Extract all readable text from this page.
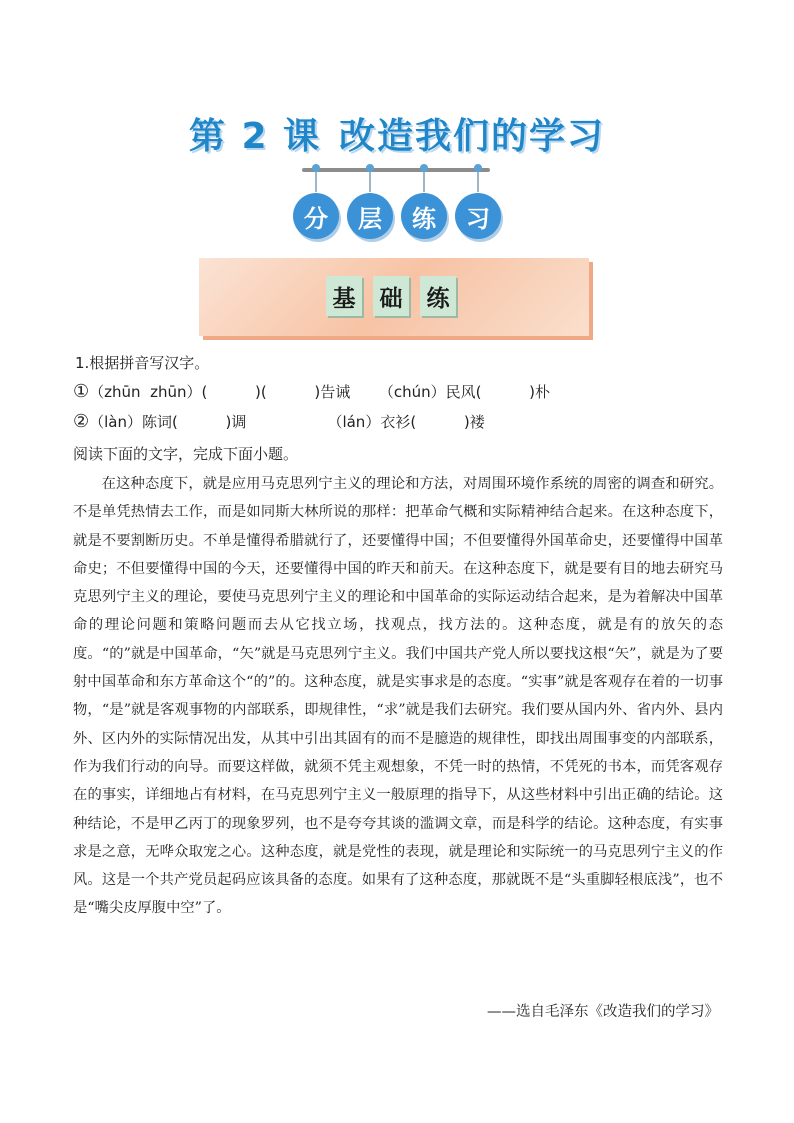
第 2 课 改造我们的学习
分	层	练	习
基 础 练
1.根据拼音写汉字。
①（zhūn  zhūn）(          )(          )告诫      （chún）民风(          )朴
②（làn）陈词(          )调                 （lán）衣衫(          )褛
阅读下面的文字，完成下面小题。

在这种态度下，就是应用马克思列宁主义的理论和方法，对周围环境作系统的周密的调查和研究。不是单凭热情去工作，而是如同斯大林所说的那样：把革命气概和实际精神结合起来。在这种态度下，就是不要割断历史。不单是懂得希腊就行了，还要懂得中国；不但要懂得外国革命史，还要懂得中国革命史；不但要懂得中国的今天，还要懂得中国的昨天和前天。在这种态度下，就是要有目的地去研究马克思列宁主义的理论，要使马克思列宁主义的理论和中国革命的实际运动结合起来，是为着解决中国革命的理论问题和策略问题而去从它找立场，找观点，找方法的。这种态度，就是有的放矢的态度。“的”就是中国革命，“矢”就是马克思列宁主义。我们中国共产党人所以要找这根“矢”，就是为了要射中国革命和东方革命这个“的”的。这种态度，就是实事求是的态度。“实事”就是客观存在着的一切事物，“是”就是客观事物的内部联系，即规律性，“求”就是我们去研究。我们要从国内外、省内外、县内外、区内外的实际情况出发，从其中引出其固有的而不是臆造的规律性，即找出周围事变的内部联系，作为我们行动的向导。而要这样做，就须不凭主观想象，不凭一时的热情，不凭死的书本，而凭客观存在的事实，详细地占有材料，在马克思列宁主义一般原理的指导下，从这些材料中引出正确的结论。这种结论，不是甲乙丙丁的现象罗列，也不是夸夸其谈的滥调文章，而是科学的结论。这种态度，有实事求是之意，无哗众取宠之心。这种态度，就是党性的表现，就是理论和实际统一的马克思列宁主义的作风。这是一个共产党员起码应该具备的态度。如果有了这种态度，那就既不是“头重脚轻根底浅”，也不是“嘴尖皮厚腹中空”了。

——选自毛泽东《改造我们的学习》
